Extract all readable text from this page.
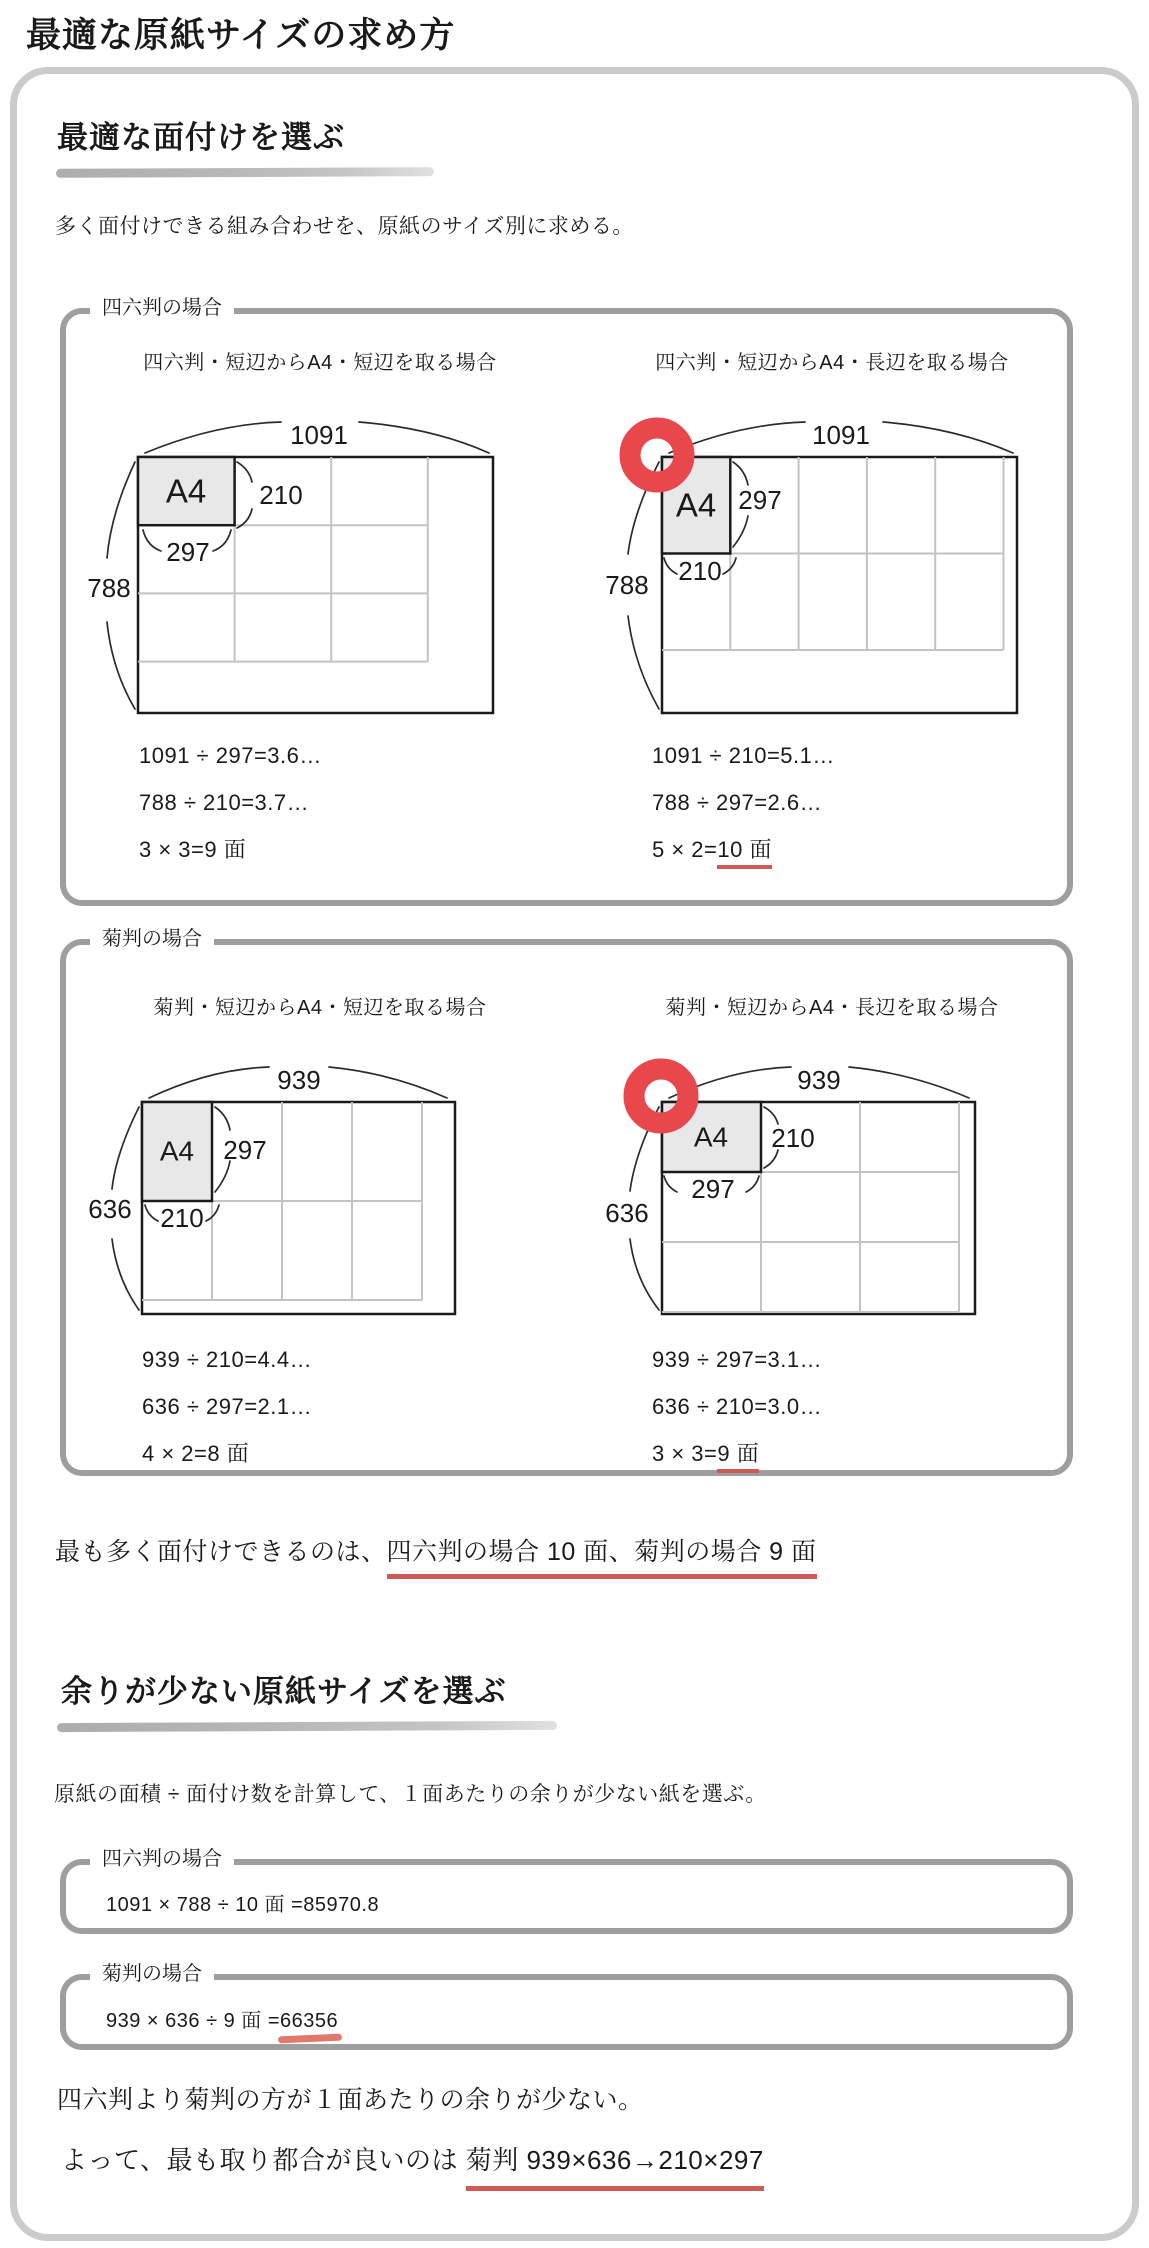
最適な原紙サイズの求め方
最適な面付けを選ぶ
多く面付けできる組み合わせを、原紙のサイズ別に求める。
四六判の場合
四六判・短辺からA4・短辺を取る場合	四六判・短辺からA4・長辺を取る場合
A4
1091
788
210
297
A4
1091
788
297
210
1091 ÷ 297=3.6…
788 ÷ 210=3.7…
3 × 3=9 面
1091 ÷ 210=5.1…
788 ÷ 297=2.6…
5 × 2=10 面
菊判の場合
菊判・短辺からA4・短辺を取る場合	菊判・短辺からA4・長辺を取る場合
A4
939
636
297
210
A4
939
636
210
297
939 ÷ 210=4.4…
636 ÷ 297=2.1…
4 × 2=8 面
939 ÷ 297=3.1…
636 ÷ 210=3.0…
3 × 3=9 面
最も多く面付けできるのは、四六判の場合 10 面、菊判の場合 9 面
余りが少ない原紙サイズを選ぶ
原紙の面積 ÷ 面付け数を計算して、１面あたりの余りが少ない紙を選ぶ。
四六判の場合
1091 × 788 ÷ 10 面 =85970.8
菊判の場合
939 × 636 ÷ 9 面 =66356
四六判より菊判の方が１面あたりの余りが少ない。
よって、最も取り都合が良いのは 菊判 939×636→210×297
